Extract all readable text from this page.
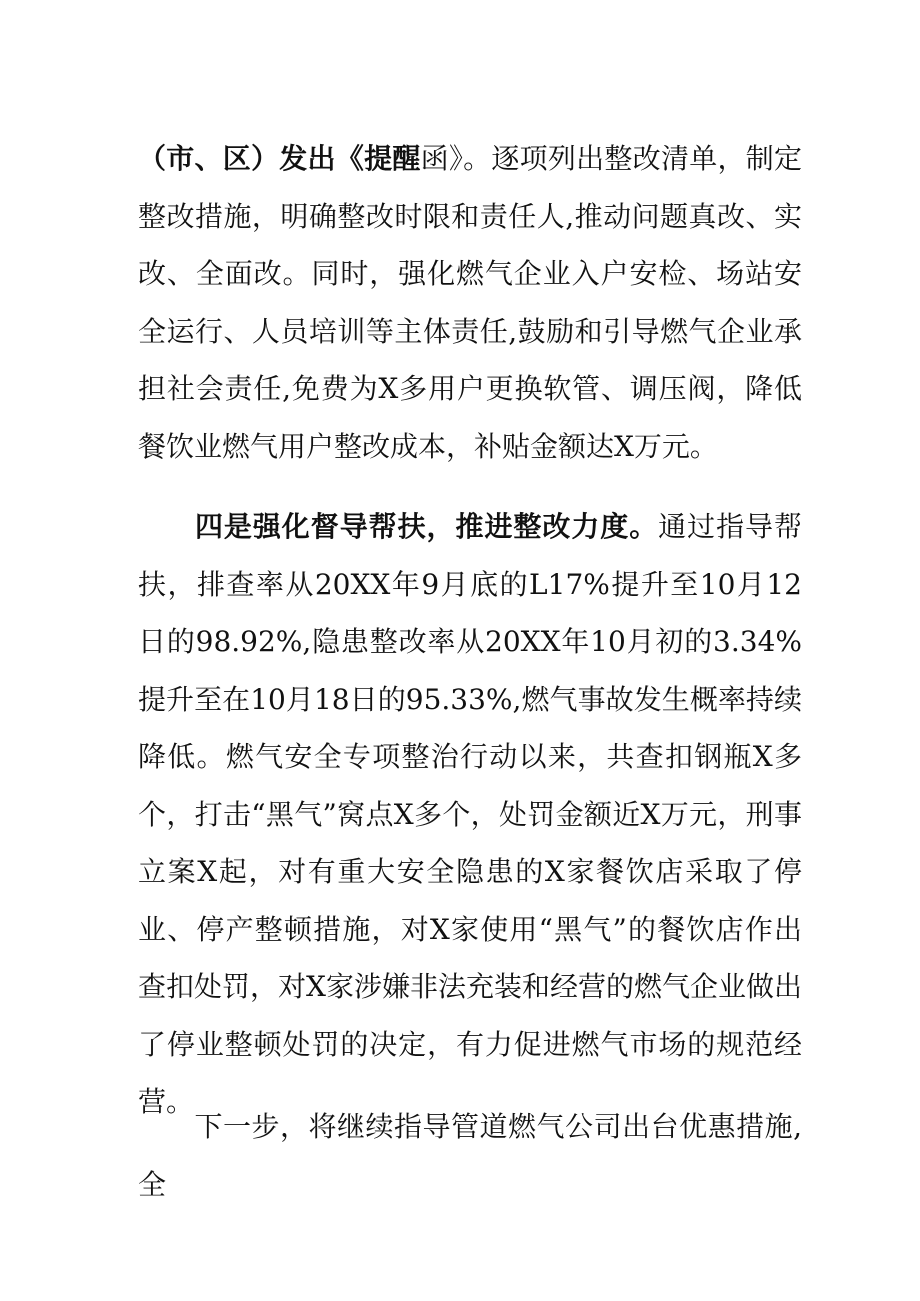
（市、区）发出《提醒函》。逐项列出整改清单，制定整改措施，明确整改时限和责任人,推动问题真改、实改、全面改。同时，强化燃气企业入户安检、场站安全运行、人员培训等主体责任,鼓励和引导燃气企业承担社会责任,免费为X多用户更换软管、调压阀，降低餐饮业燃气用户整改成本，补贴金额达X万元。

四是强化督导帮扶，推进整改力度。通过指导帮扶，排查率从20XX年9月底的L17%提升至10月12日的98.92%,隐患整改率从20XX年10月初的3.34%提升至在10月18日的95.33%,燃气事故发生概率持续降低。燃气安全专项整治行动以来，共查扣钢瓶X多个，打击“黑气”窝点X多个，处罚金额近X万元，刑事立案X起，对有重大安全隐患的X家餐饮店采取了停业、停产整顿措施，对X家使用“黑气”的餐饮店作出查扣处罚，对X家涉嫌非法充装和经营的燃气企业做出了停业整顿处罚的决定，有力促进燃气市场的规范经营。

下一步，将继续指导管道燃气公司出台优惠措施,全
